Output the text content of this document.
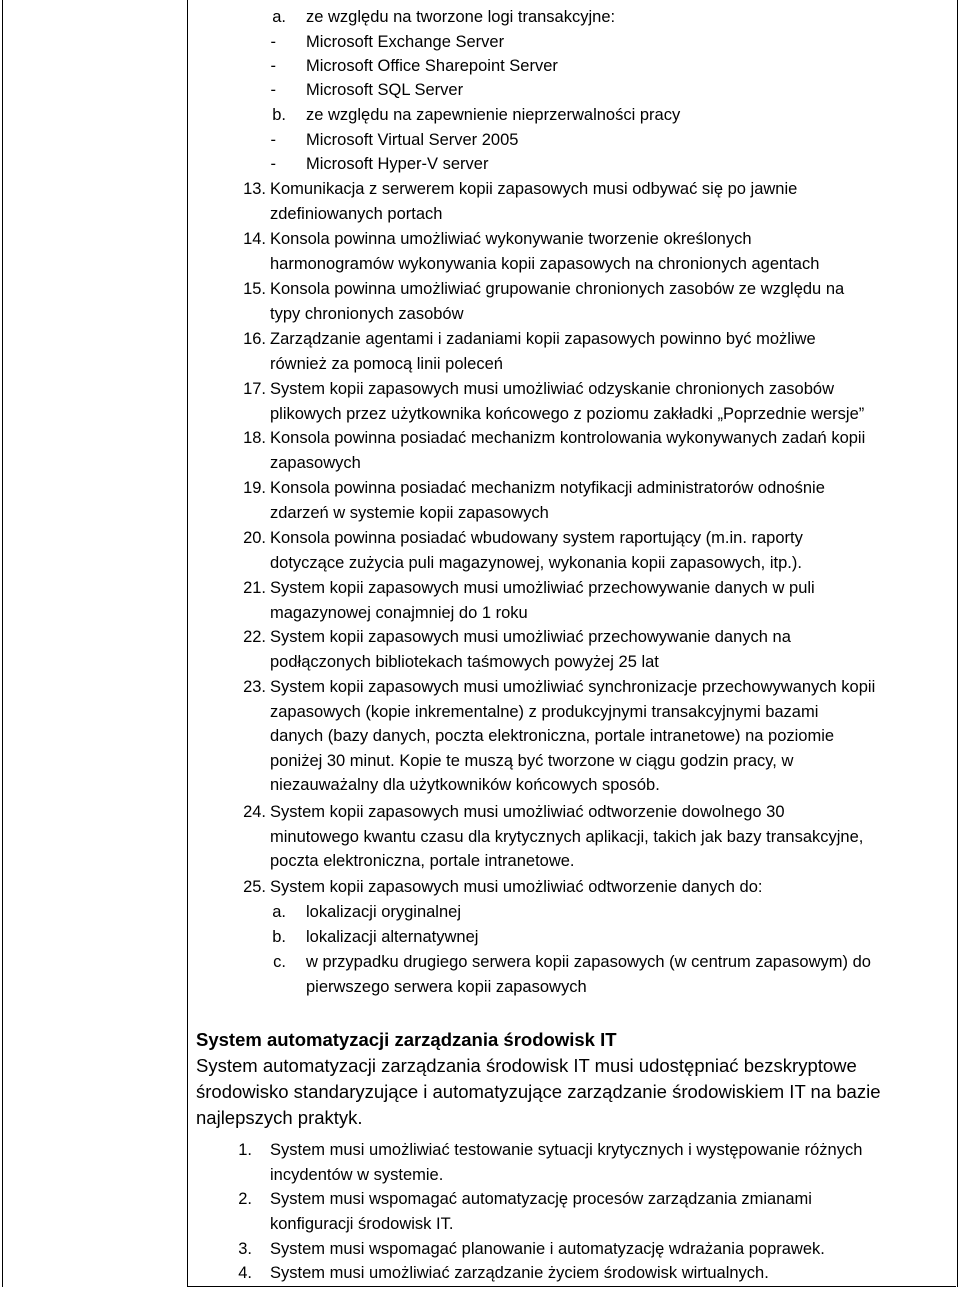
a. ze względu na tworzone logi transakcyjne:
- Microsoft Exchange Server
- Microsoft Office Sharepoint Server
- Microsoft SQL Server
b. ze względu na zapewnienie nieprzerwalności pracy
- Microsoft Virtual Server 2005
- Microsoft Hyper-V server
13. Komunikacja z serwerem kopii zapasowych musi odbywać się po jawnie
zdefiniowanych portach
14. Konsola powinna umożliwiać wykonywanie tworzenie określonych
harmonogramów wykonywania kopii zapasowych na chronionych agentach
15. Konsola powinna umożliwiać grupowanie chronionych zasobów ze względu na
typy chronionych zasobów
16. Zarządzanie agentami i zadaniami kopii zapasowych powinno być możliwe
również za pomocą linii poleceń
17. System kopii zapasowych musi umożliwiać odzyskanie chronionych zasobów
plikowych przez użytkownika końcowego z poziomu zakładki „Poprzednie wersje”
18. Konsola powinna posiadać mechanizm kontrolowania wykonywanych zadań kopii
zapasowych
19. Konsola powinna posiadać mechanizm notyfikacji administratorów odnośnie
zdarzeń w systemie kopii zapasowych
20. Konsola powinna posiadać wbudowany system raportujący (m.in. raporty
dotyczące zużycia puli magazynowej, wykonania kopii zapasowych, itp.).
21. System kopii zapasowych musi umożliwiać przechowywanie danych w puli
magazynowej conajmniej do 1 roku
22. System kopii zapasowych musi umożliwiać przechowywanie danych na
podłączonych bibliotekach taśmowych powyżej 25 lat
23. System kopii zapasowych musi umożliwiać synchronizacje przechowywanych kopii
zapasowych (kopie inkrementalne) z produkcyjnymi transakcyjnymi bazami
danych (bazy danych, poczta elektroniczna, portale intranetowe) na poziomie
poniżej 30 minut. Kopie te muszą być tworzone w ciągu godzin pracy, w
niezauważalny dla użytkowników końcowych sposób.
24. System kopii zapasowych musi umożliwiać odtworzenie dowolnego 30
minutowego kwantu czasu dla krytycznych aplikacji, takich jak bazy transakcyjne,
poczta elektroniczna, portale intranetowe.
25. System kopii zapasowych musi umożliwiać odtworzenie danych do:
a. lokalizacji oryginalnej
b. lokalizacji alternatywnej
c. w przypadku drugiego serwera kopii zapasowych (w centrum zapasowym) do
pierwszego serwera kopii zapasowych
System automatyzacji zarządzania środowisk IT
System automatyzacji zarządzania środowisk IT musi udostępniać bezskryptowe
środowisko standaryzujące i automatyzujące zarządzanie środowiskiem IT na bazie
najlepszych praktyk.
1. System musi umożliwiać testowanie sytuacji krytycznych i występowanie różnych
incydentów w systemie.
2. System musi wspomagać automatyzację procesów zarządzania zmianami
konfiguracji środowisk IT.
3. System musi wspomagać planowanie i automatyzację wdrażania poprawek.
4. System musi umożliwiać zarządzanie życiem środowisk wirtualnych.
